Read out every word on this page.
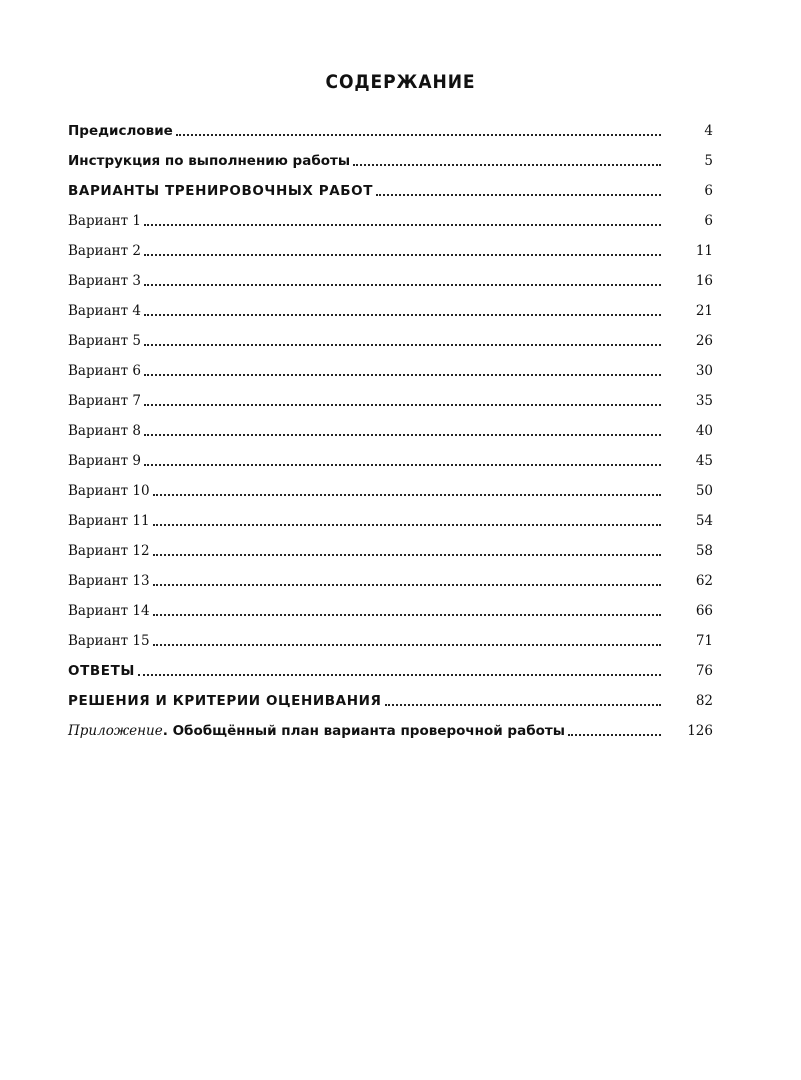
СОДЕРЖАНИЕ
Предисловие	4
Инструкция по выполнению работы	5
ВАРИАНТЫ ТРЕНИРОВОЧНЫХ РАБОТ	6
Вариант 1	6
Вариант 2	11
Вариант 3	16
Вариант 4	21
Вариант 5	26
Вариант 6	30
Вариант 7	35
Вариант 8	40
Вариант 9	45
Вариант 10	50
Вариант 11	54
Вариант 12	58
Вариант 13	62
Вариант 14	66
Вариант 15	71
ОТВЕТЫ	76
РЕШЕНИЯ И КРИТЕРИИ ОЦЕНИВАНИЯ	82
Приложение. Обобщённый план варианта проверочной работы	126
